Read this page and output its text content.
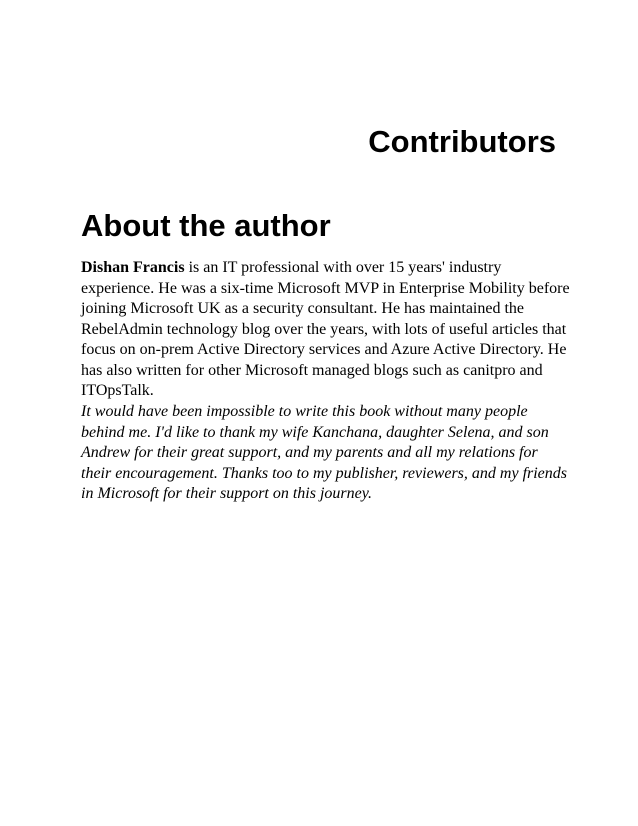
Contributors
About the author

Dishan Francis is an IT professional with over 15 years' industry experience. He was a six-time Microsoft MVP in Enterprise Mobility before joining Microsoft UK as a security consultant. He has maintained the RebelAdmin technology blog over the years, with lots of useful articles that focus on on-prem Active Directory services and Azure Active Directory. He has also written for other Microsoft managed blogs such as canitpro and ITOpsTalk.

It would have been impossible to write this book without many people behind me. I'd like to thank my wife Kanchana, daughter Selena, and son Andrew for their great support, and my parents and all my relations for their encouragement. Thanks too to my publisher, reviewers, and my friends in Microsoft for their support on this journey.
